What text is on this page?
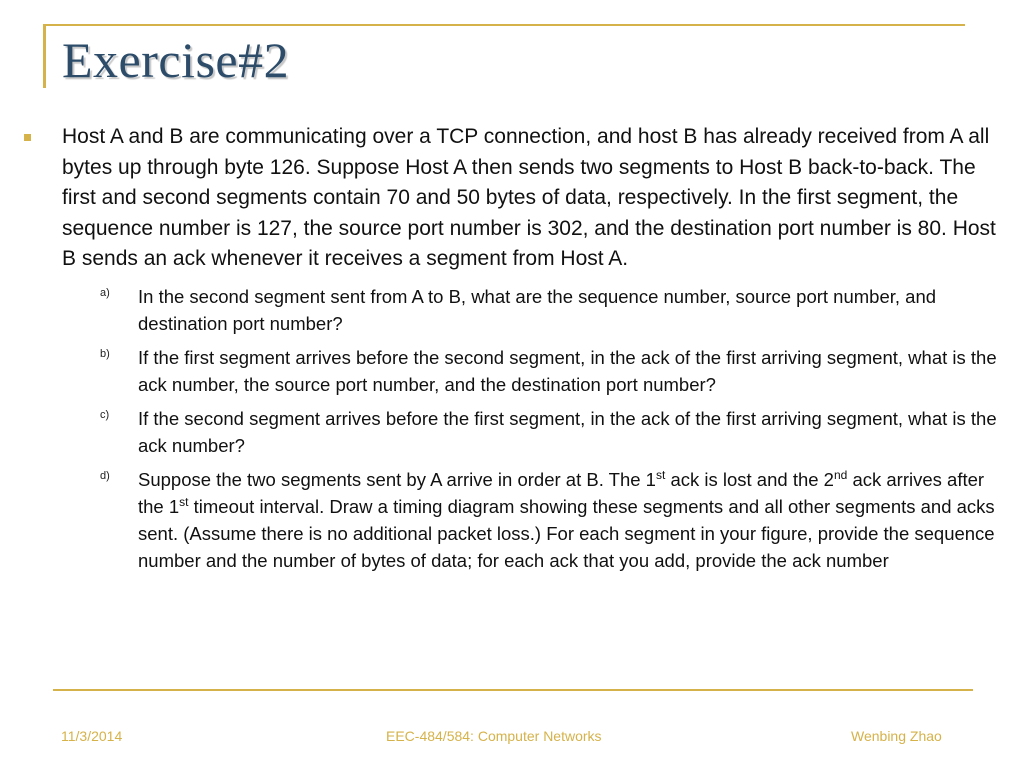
Exercise#2

Host A and B are communicating over a TCP connection, and host B has already received from A all bytes up through byte 126. Suppose Host A then sends two segments to Host B back-to-back. The first and second segments contain 70 and 50 bytes of data, respectively. In the first segment, the sequence number is 127, the source port number is 302, and the destination port number is 80. Host B sends an ack whenever it receives a segment from Host A.

a) In the second segment sent from A to B, what are the sequence number, source port number, and destination port number?

b) If the first segment arrives before the second segment, in the ack of the first arriving segment, what is the ack number, the source port number, and the destination port number?

c) If the second segment arrives before the first segment, in the ack of the first arriving segment, what is the ack number?

d) Suppose the two segments sent by A arrive in order at B. The 1st ack is lost and the 2nd ack arrives after the 1st timeout interval. Draw a timing diagram showing these segments and all other segments and acks sent. (Assume there is no additional packet loss.) For each segment in your figure, provide the sequence number and the number of bytes of data; for each ack that you add, provide the ack number

11/3/2014	EEC-484/584: Computer Networks	Wenbing Zhao
